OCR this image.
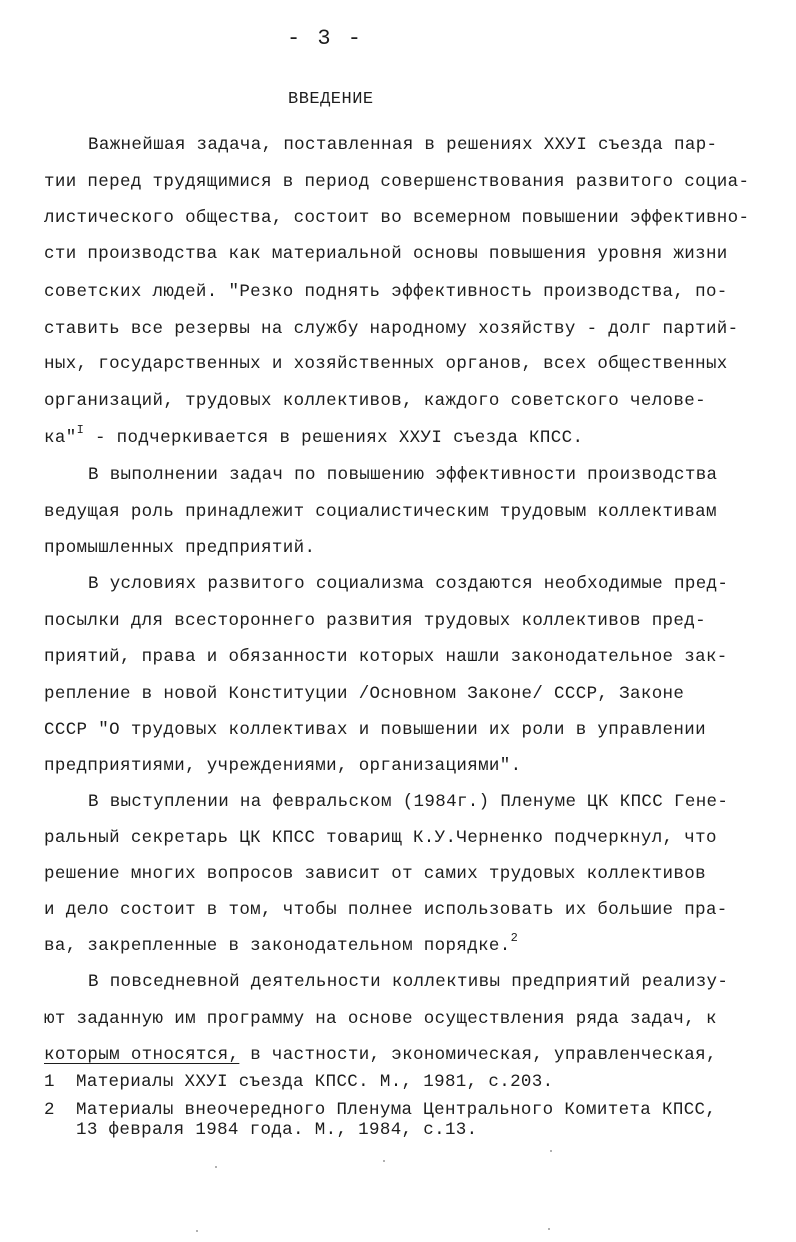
- 3 -
ВВЕДЕНИЕ
Важнейшая задача, поставленная в решениях XXУI съезда пар-
тии перед трудящимися в период совершенствования развитого социа-
листического общества, состоит во всемерном повышении эффективно-
сти производства как материальной основы повышения уровня жизни
советских людей. "Резко поднять эффективность производства, по-
ставить все резервы на службу народному хозяйству - долг партий-
ных, государственных и хозяйственных органов, всех общественных
организаций, трудовых коллективов, каждого советского челове-
ка"$^I$ - подчеркивается в решениях XXУI съезда КПСС.
В выполнении задач по повышению эффективности производства
ведущая роль принадлежит социалистическим трудовым коллективам
промышленных предприятий.
В условиях развитого социализма создаются необходимые пред-
посылки для всестороннего развития трудовых коллективов пред-
приятий, права и обязанности которых нашли законодательное зак-
репление в новой Конституции /Основном Законе/ СССР, Законе
СССР "О трудовых коллективах и повышении их роли в управлении
предприятиями, учреждениями, организациями".
В выступлении на февральском (1984г.) Пленуме ЦК КПСС Гене-
ральный секретарь ЦК КПСС товарищ К.У.Черненко подчеркнул, что
решение многих вопросов зависит от самих трудовых коллективов
и дело состоит в том, чтобы полнее использовать их большие пра-
ва, закрепленные в законодательном порядке.$^2$
В повседневной деятельности коллективы предприятий реализу-
ют заданную им программу на основе осуществления ряда задач, к
которым относятся, в частности, экономическая, управленческая,
1 Материалы XXУI съезда КПСС. М., 1981, с.203.
2 Материалы внеочередного Пленума Центрального Комитета КПСС,
13 февраля 1984 года. М., 1984, с.13.
